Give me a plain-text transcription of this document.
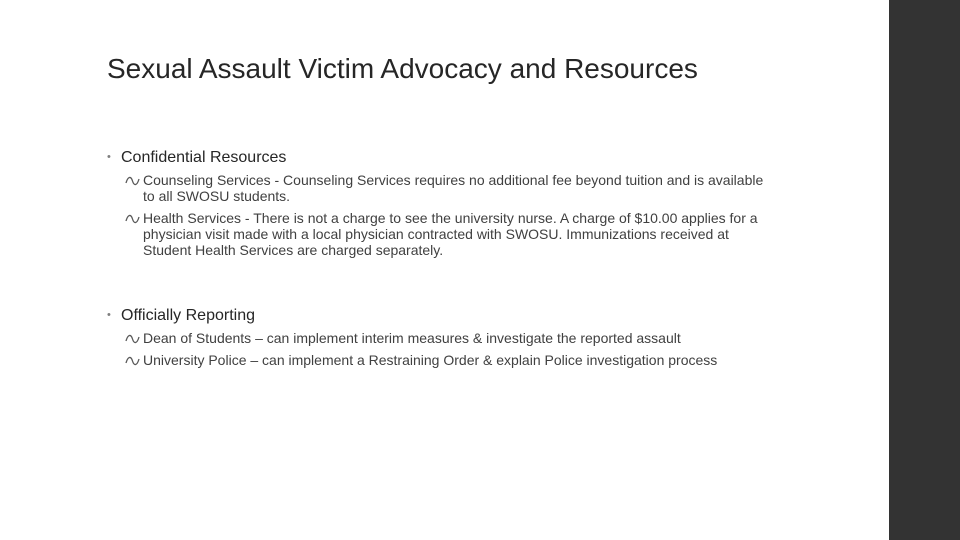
Sexual Assault Victim Advocacy and Resources
• Confidential Resources
Counseling Services - Counseling Services requires no additional fee beyond tuition and is available to all SWOSU students.
Health Services - There is not a charge to see the university nurse. A charge of $10.00 applies for a physician visit made with a local physician contracted with SWOSU. Immunizations received at Student Health Services are charged separately.
• Officially Reporting
Dean of Students – can implement interim measures & investigate the reported assault
University Police – can implement a Restraining Order & explain Police investigation process
